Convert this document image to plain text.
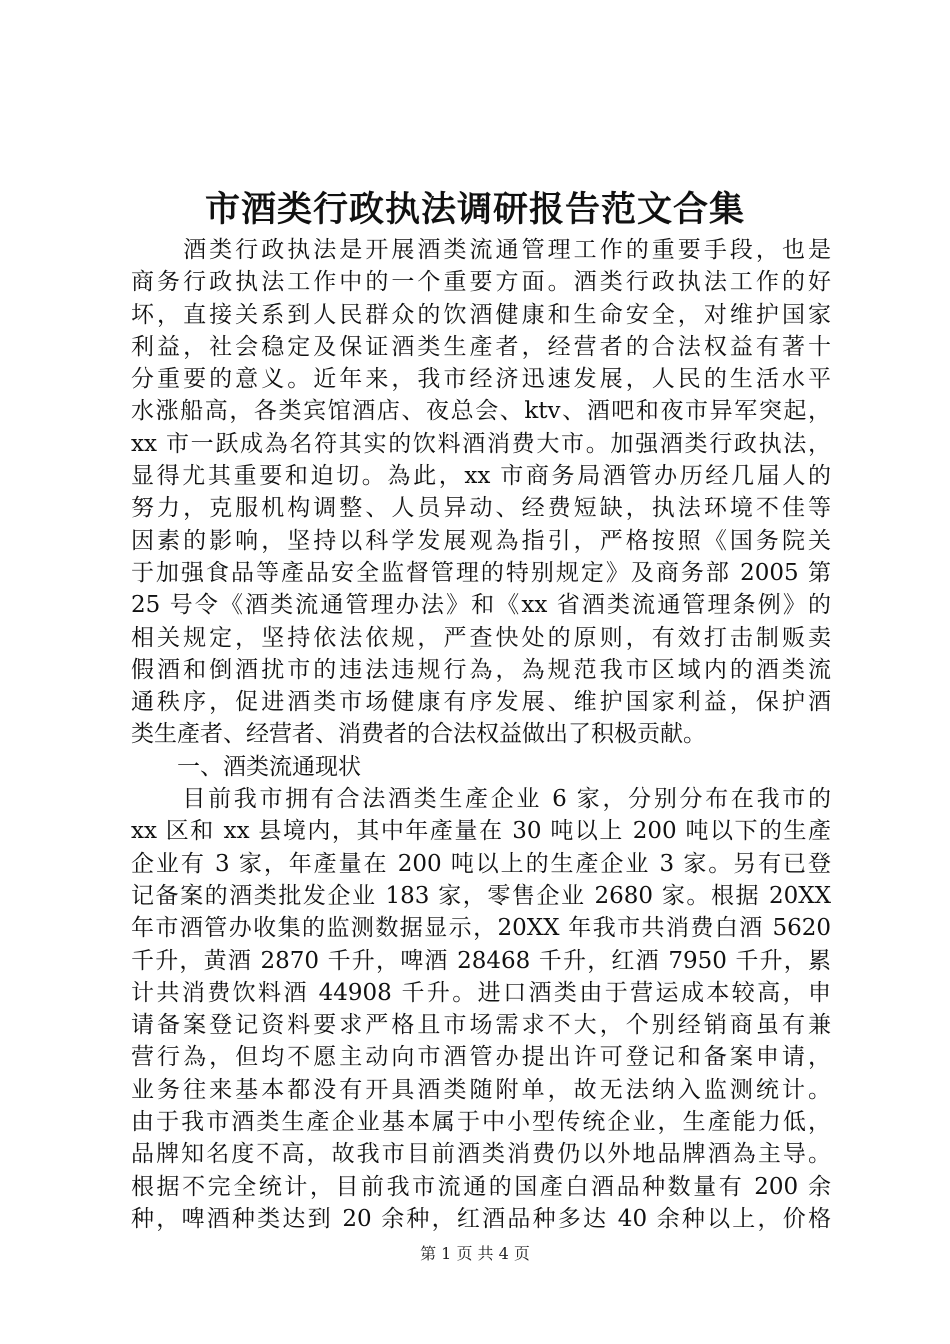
市酒类行政执法调研报告范文合集
　　酒类行政执法是开展酒类流通管理工作的重要手段，也是
商务行政执法工作中的一个重要方面。酒类行政执法工作的好
坏，直接关系到人民群众的饮酒健康和生命安全，对维护国家
利益，社会稳定及保证酒类生產者，经营者的合法权益有著十
分重要的意义。近年来，我市经济迅速发展，人民的生活水平
水涨船高，各类宾馆酒店、夜总会、ktv、酒吧和夜市异军突起，
xx 市一跃成為名符其实的饮料酒消费大市。加强酒类行政执法，
显得尤其重要和迫切。為此，xx 市商务局酒管办历经几届人的
努力，克服机构调整、人员异动、经费短缺，执法环境不佳等
因素的影响，坚持以科学发展观為指引，严格按照《国务院关
于加强食品等產品安全监督管理的特别规定》及商务部 2005 第
25 号令《酒类流通管理办法》和《xx 省酒类流通管理条例》的
相关规定，坚持依法依规，严查快处的原则，有效打击制贩卖
假酒和倒酒扰市的违法违规行為，為规范我市区域内的酒类流
通秩序，促进酒类市场健康有序发展、维护国家利益，保护酒
类生產者、经营者、消费者的合法权益做出了积极贡献。
　　一、酒类流通现状
　　目前我市拥有合法酒类生產企业 6 家，分别分布在我市的
xx 区和 xx 县境内，其中年產量在 30 吨以上 200 吨以下的生產
企业有 3 家，年產量在 200 吨以上的生產企业 3 家。另有已登
记备案的酒类批发企业 183 家，零售企业 2680 家。根据 20XX
年市酒管办收集的监测数据显示，20XX 年我市共消费白酒 5620
千升，黄酒 2870 千升，啤酒 28468 千升，红酒 7950 千升，累
计共消费饮料酒 44908 千升。进口酒类由于营运成本较高，申
请备案登记资料要求严格且市场需求不大，个别经销商虽有兼
营行為，但均不愿主动向市酒管办提出许可登记和备案申请，
业务往来基本都没有开具酒类随附单，故无法纳入监测统计。
由于我市酒类生產企业基本属于中小型传统企业，生產能力低，
品牌知名度不高，故我市目前酒类消费仍以外地品牌酒為主导。
根据不完全统计，目前我市流通的国產白酒品种数量有 200 余
种，啤酒种类达到 20 余种，红酒品种多达 40 余种以上，价格
第 1 页 共 4 页
